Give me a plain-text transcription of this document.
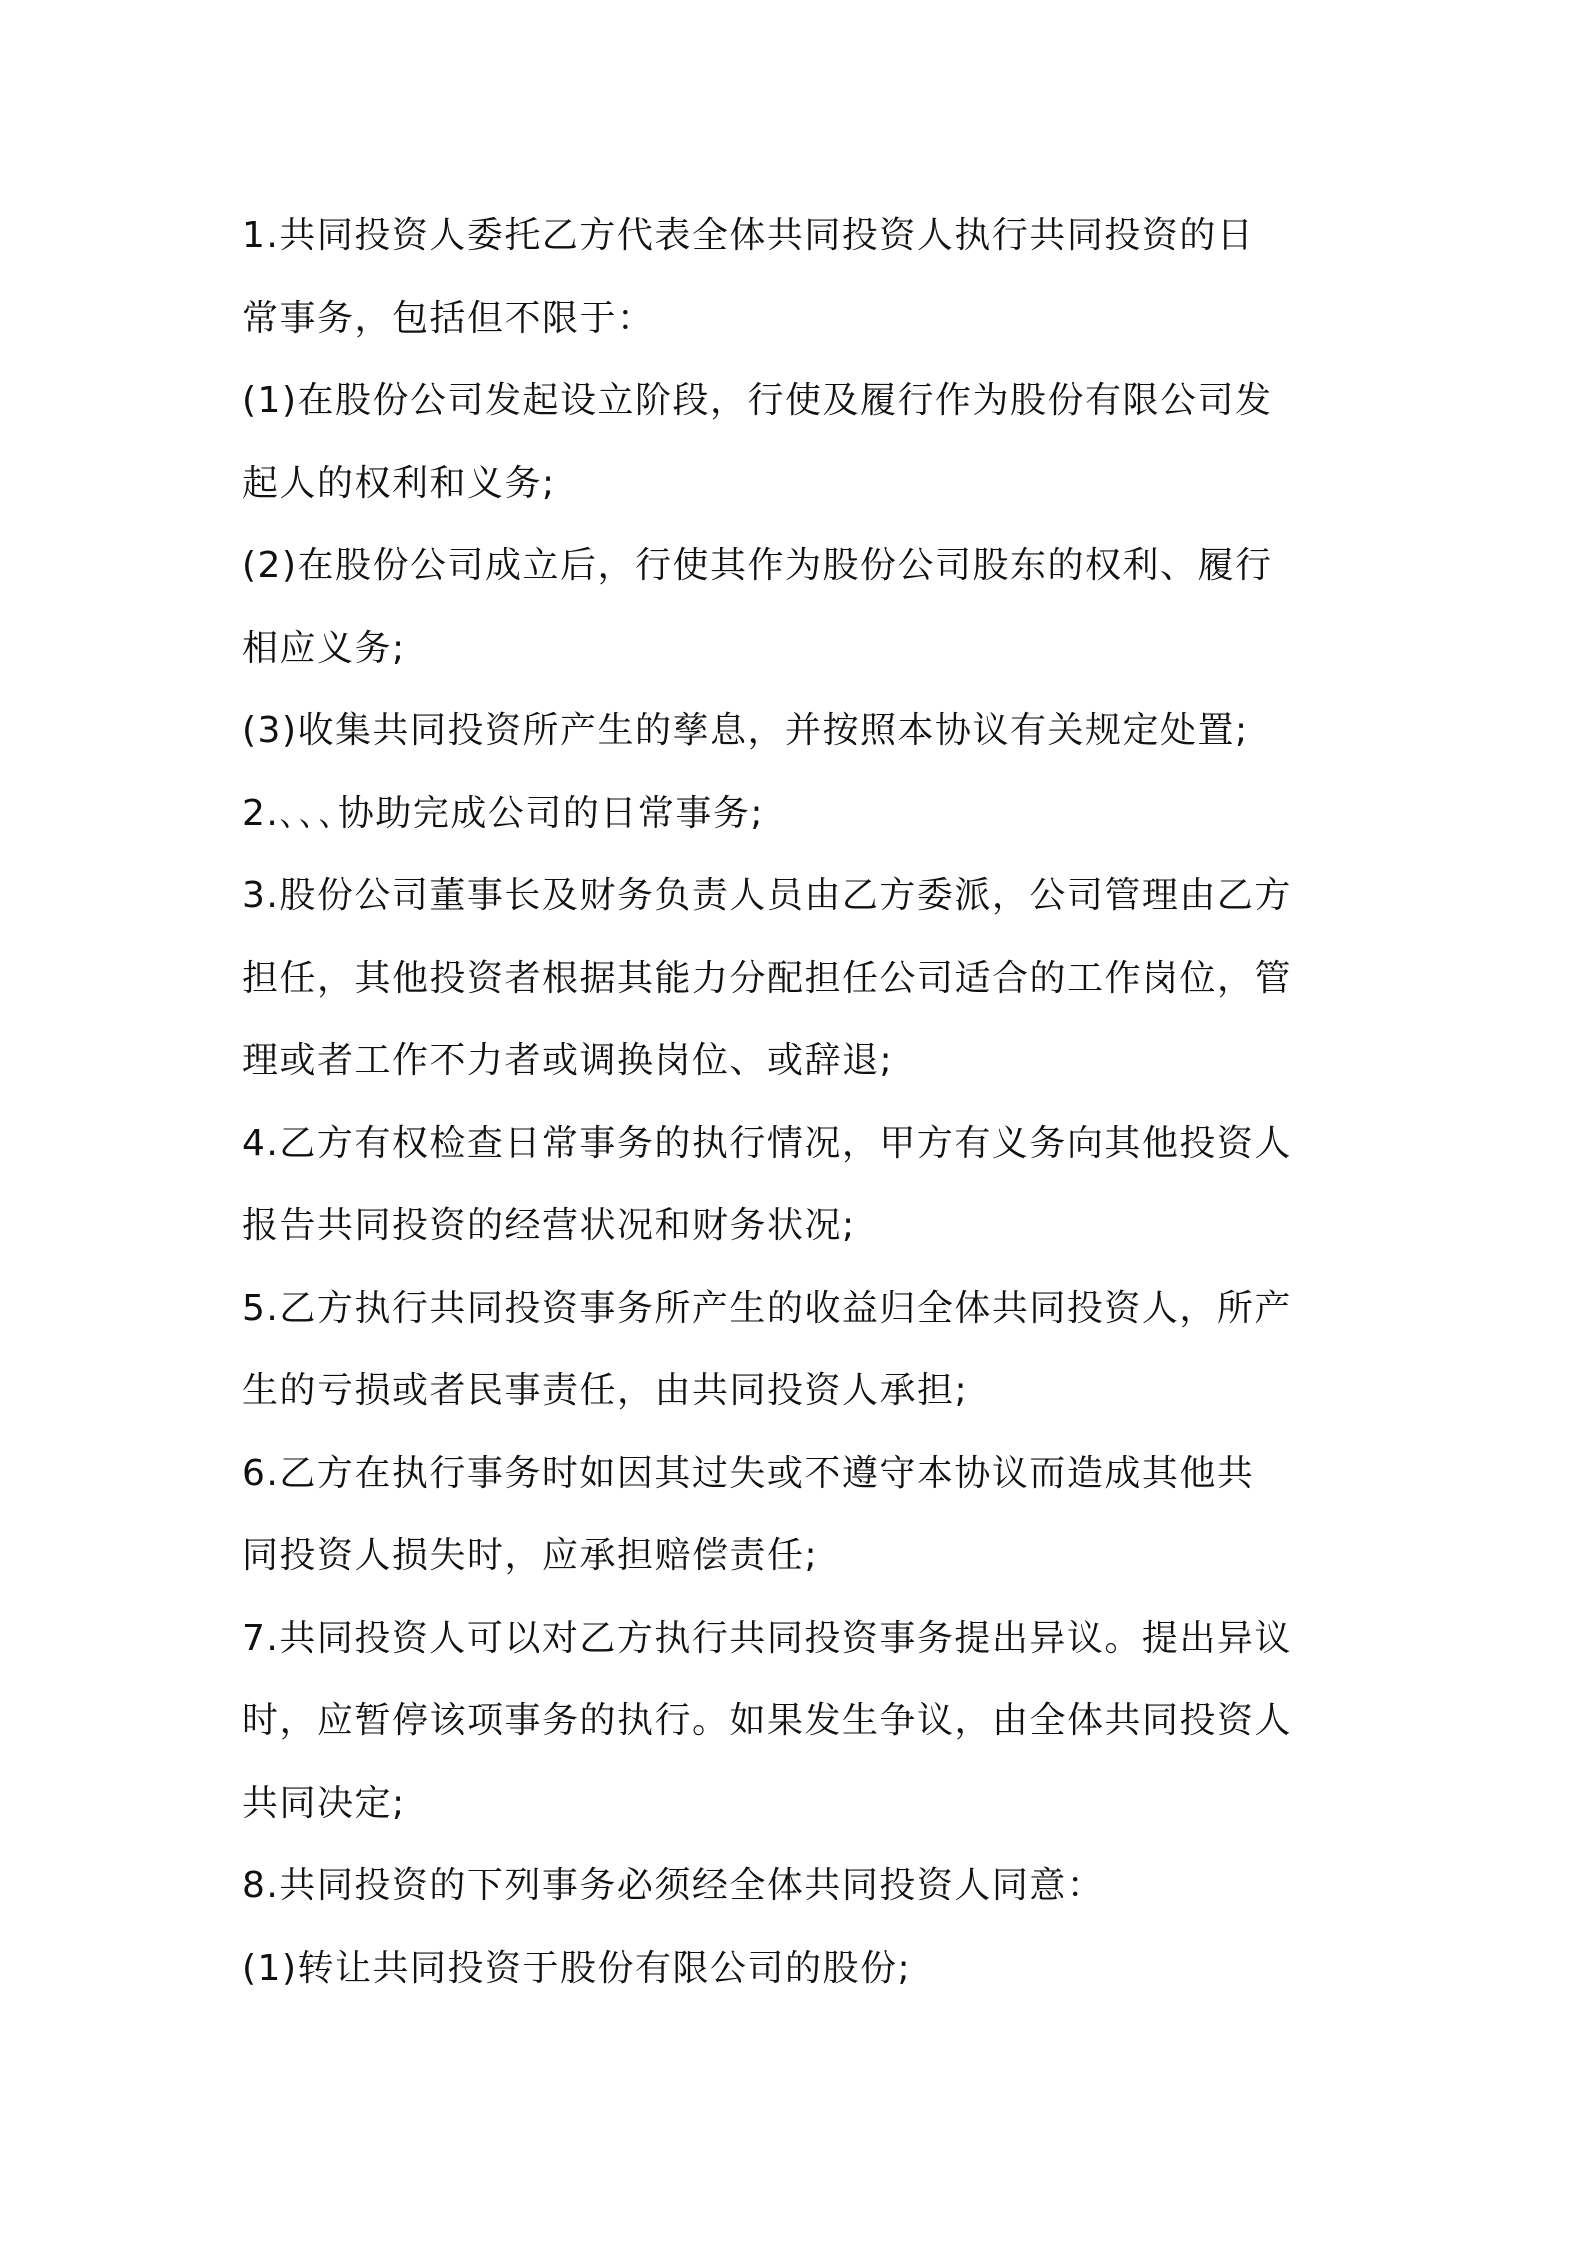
1.共同投资人委托乙方代表全体共同投资人执行共同投资的日
常事务，包括但不限于：
(1)在股份公司发起设立阶段，行使及履行作为股份有限公司发
起人的权利和义务;
(2)在股份公司成立后，行使其作为股份公司股东的权利、履行
相应义务;
(3)收集共同投资所产生的孳息，并按照本协议有关规定处置;
2.､､､协助完成公司的日常事务;
3.股份公司董事长及财务负责人员由乙方委派，公司管理由乙方
担任，其他投资者根据其能力分配担任公司适合的工作岗位，管
理或者工作不力者或调换岗位、或辞退;
4.乙方有权检查日常事务的执行情况，甲方有义务向其他投资人
报告共同投资的经营状况和财务状况;
5.乙方执行共同投资事务所产生的收益归全体共同投资人，所产
生的亏损或者民事责任，由共同投资人承担;
6.乙方在执行事务时如因其过失或不遵守本协议而造成其他共
同投资人损失时，应承担赔偿责任;
7.共同投资人可以对乙方执行共同投资事务提出异议。提出异议
时，应暂停该项事务的执行。如果发生争议，由全体共同投资人
共同决定;
8.共同投资的下列事务必须经全体共同投资人同意：
(1)转让共同投资于股份有限公司的股份;
